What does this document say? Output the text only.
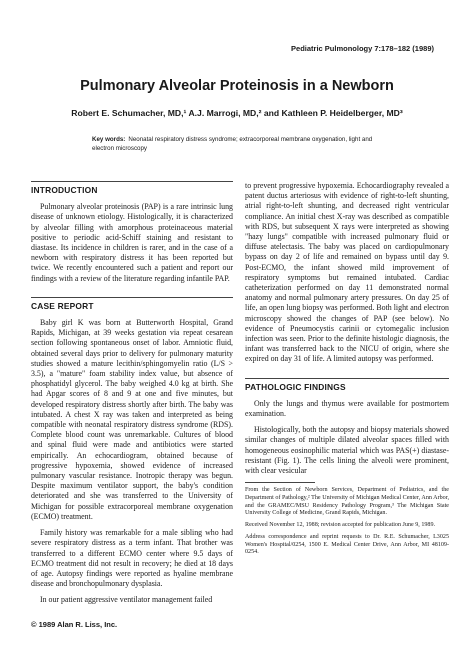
Pediatric Pulmonology 7:178–182 (1989)
Pulmonary Alveolar Proteinosis in a Newborn
Robert E. Schumacher, MD,¹ A.J. Marrogi, MD,² and Kathleen P. Heidelberger, MD³
Key words: Neonatal respiratory distress syndrome; extracorporeal membrane oxygenation, light and electron microscopy
INTRODUCTION

Pulmonary alveolar proteinosis (PAP) is a rare intrinsic lung disease of unknown etiology. Histologically, it is characterized by alveolar filling with amorphous proteinaceous material positive to periodic acid-Schiff staining and resistant to diastase. Its incidence in children is rarer, and in the case of a newborn with respiratory distress it has been reported but twice. We recently encountered such a patient and report our findings with a review of the literature regarding infantile PAP.

CASE REPORT

Baby girl K was born at Butterworth Hospital, Grand Rapids, Michigan, at 39 weeks gestation via repeat cesarean section following spontaneous onset of labor. Amniotic fluid, obtained several days prior to delivery for pulmonary maturity studies showed a mature lecithin/sphingomyelin ratio (L/S > 3.5), a "mature" foam stability index value, but absence of phosphatidyl glycerol. The baby weighed 4.0 kg at birth. She had Apgar scores of 8 and 9 at one and five minutes, but developed respiratory distress shortly after birth. The baby was intubated. A chest X ray was taken and interpreted as being compatible with neonatal respiratory distress syndrome (RDS). Complete blood count was unremarkable. Cultures of blood and spinal fluid were made and antibiotics were started empirically. An echocardiogram, obtained because of progressive hypoxemia, showed evidence of increased pulmonary vascular resistance. Inotropic therapy was begun. Despite maximum ventilator support, the baby's condition deteriorated and she was transferred to the University of Michigan for possible extracorporeal membrane oxygenation (ECMO) treatment.

Family history was remarkable for a male sibling who had severe respiratory distress as a term infant. That brother was transferred to a different ECMO center where 9.5 days of ECMO treatment did not result in recovery; he died at 18 days of age. Autopsy findings were reported as hyaline membrane disease and bronchopulmonary dysplasia.

In our patient aggressive ventilator management failed

to prevent progressive hypoxemia. Echocardiography revealed a patent ductus arteriosus with evidence of right-to-left shunting, atrial right-to-left shunting, and decreased right ventricular compliance. An initial chest X-ray was described as compatible with RDS, but subsequent X rays were interpreted as showing "hazy lungs" compatible with increased pulmonary fluid or diffuse atelectasis. The baby was placed on cardiopulmonary bypass on day 2 of life and remained on bypass until day 9. Post-ECMO, the infant showed mild improvement of respiratory symptoms but remained intubated. Cardiac catheterization performed on day 11 demonstrated normal anatomy and normal pulmonary artery pressures. On day 25 of life, an open lung biopsy was performed. Both light and electron microscopy showed the changes of PAP (see below). No evidence of Pneumocystis carinii or cytomegalic inclusion infection was seen. Prior to the definite histologic diagnosis, the infant was transferred back to the NICU of origin, where she expired on day 31 of life. A limited autopsy was performed.

PATHOLOGIC FINDINGS

Only the lungs and thymus were available for postmortem examination.

Histologically, both the autopsy and biopsy materials showed similar changes of multiple dilated alveolar spaces filled with homogeneous eosinophilic material which was PAS(+) diastase-resistant (Fig. 1). The cells lining the alveoli were prominent, with clear vesicular

From the Section of Newborn Services, Department of Pediatrics, and the Department of Pathology,² The University of Michigan Medical Center, Ann Arbor, and the GRAMEC/MSU Residency Pathology Program,³ The Michigan State University College of Medicine, Grand Rapids, Michigan.

Received November 12, 1988; revision accepted for publication June 9, 1989.

Address correspondence and reprint requests to Dr. R.E. Schumacher, L3025 Women's Hospital/0254, 1500 E. Medical Center Drive, Ann Arbor, MI 48109-0254.

© 1989 Alan R. Liss, Inc.
